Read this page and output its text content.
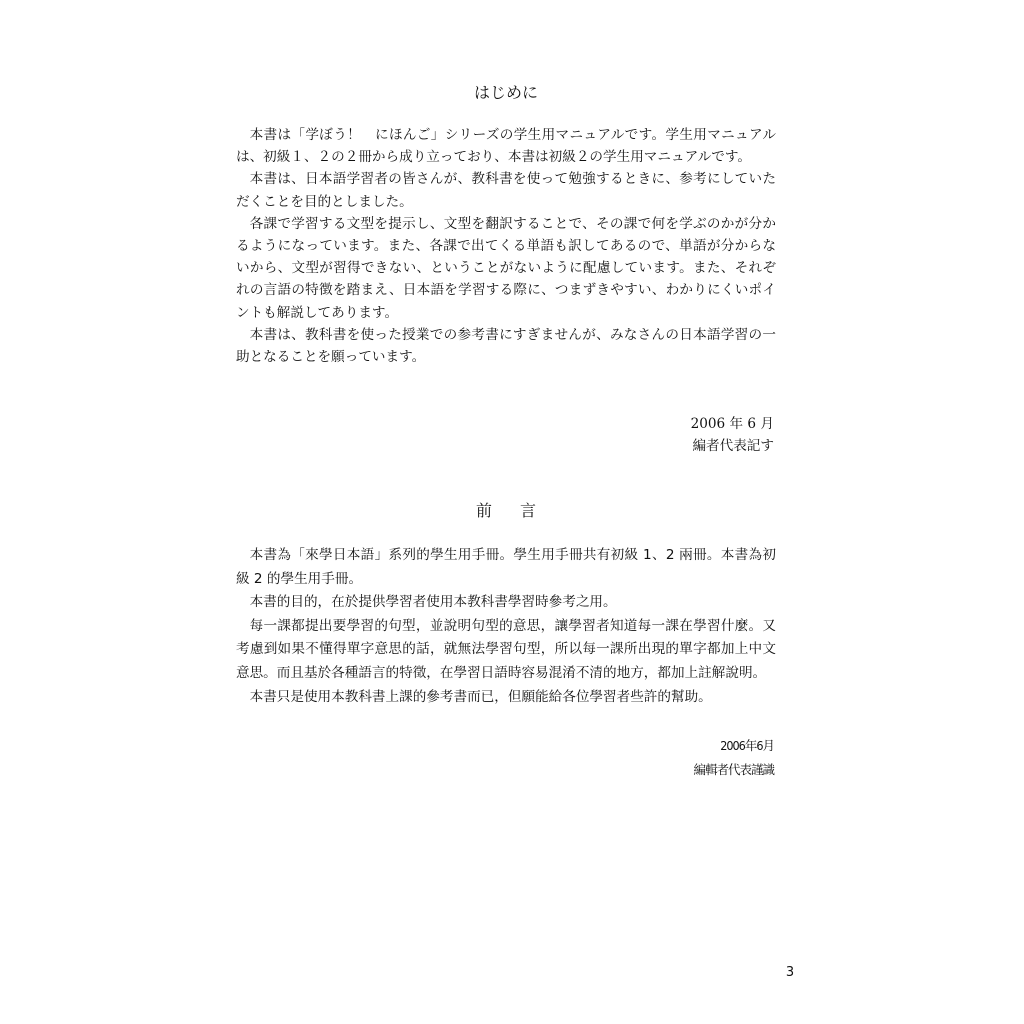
はじめに

本書は「学ぼう！　にほんご」シリーズの学生用マニュアルです。学生用マニュアルは、初級１、２の２冊から成り立っており、本書は初級２の学生用マニュアルです。

本書は、日本語学習者の皆さんが、教科書を使って勉強するときに、参考にしていただくことを目的としました。

各課で学習する文型を提示し、文型を翻訳することで、その課で何を学ぶのかが分かるようになっています。また、各課で出てくる単語も訳してあるので、単語が分からないから、文型が習得できない、ということがないように配慮しています。また、それぞれの言語の特徴を踏まえ、日本語を学習する際に、つまずきやすい、わかりにくいポイントも解説してあります。

本書は、教科書を使った授業での参考書にすぎませんが、みなさんの日本語学習の一助となることを願っています。

2006 年 6 月
編者代表記す
前言

本書為「來學日本語」系列的學生用手冊。學生用手冊共有初級 1、2 兩冊。本書為初級 2 的學生用手冊。

本書的目的，在於提供學習者使用本教科書學習時參考之用。

每一課都提出要學習的句型，並說明句型的意思，讓學習者知道每一課在學習什麼。又考慮到如果不懂得單字意思的話，就無法學習句型，所以每一課所出現的單字都加上中文意思。而且基於各種語言的特徵，在學習日語時容易混淆不清的地方，都加上註解說明。

本書只是使用本教科書上課的參考書而已，但願能給各位學習者些許的幫助。

2006年6月
編輯者代表謹識
3
